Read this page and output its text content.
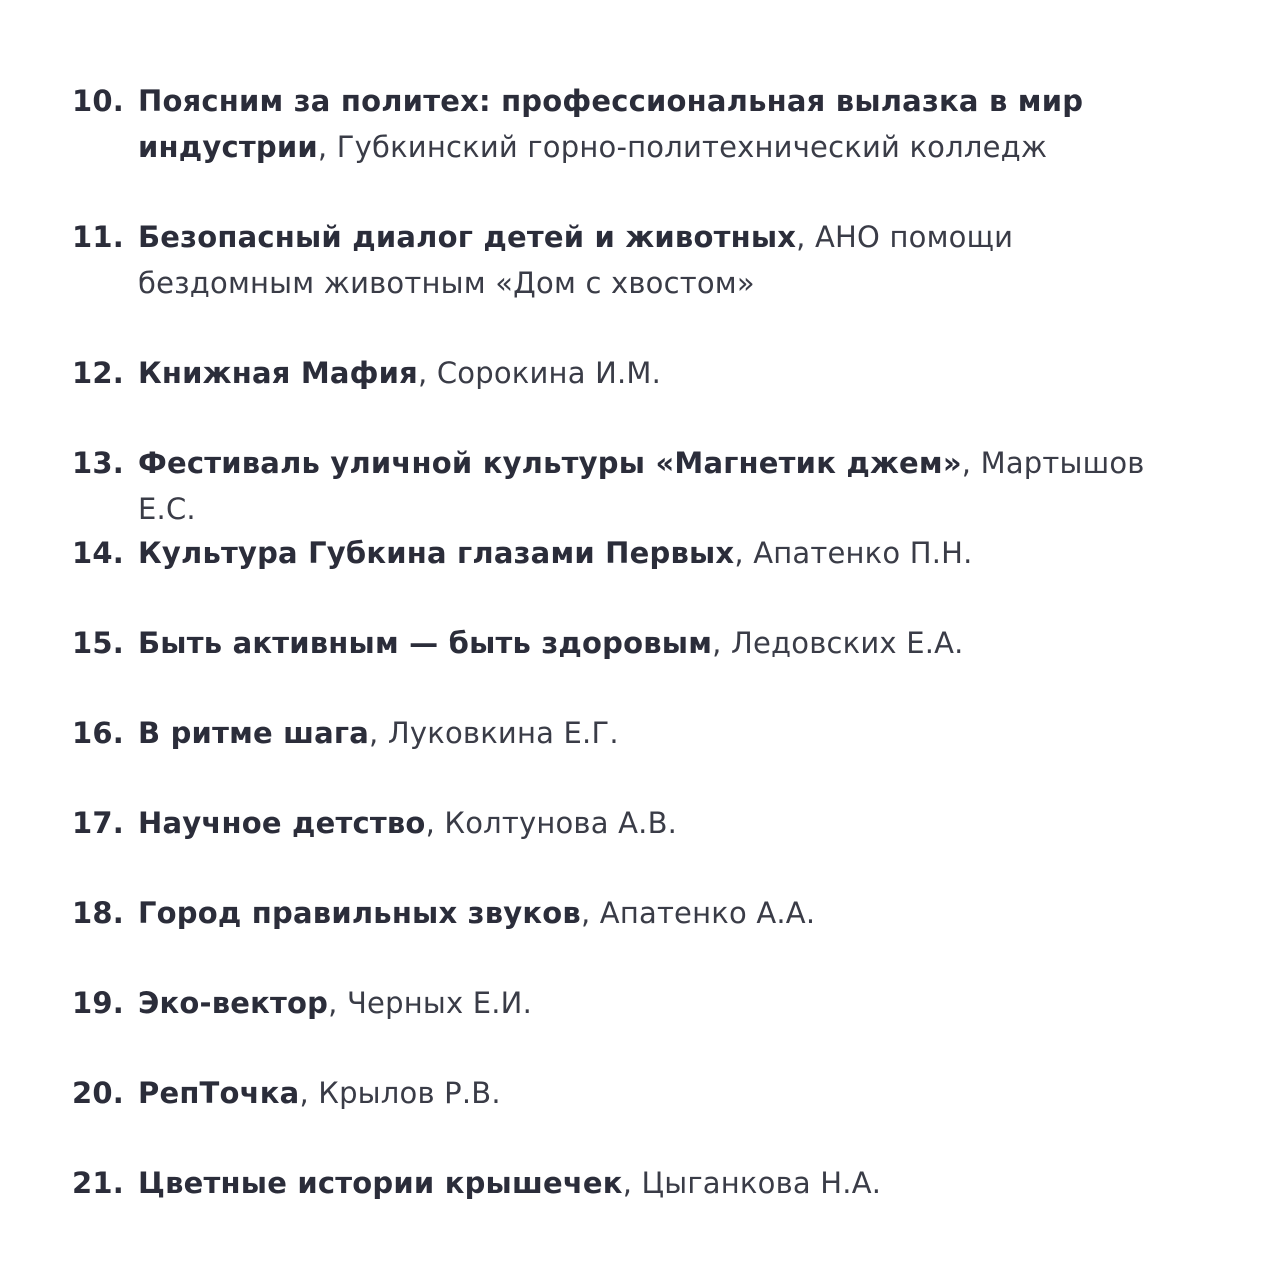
10. Поясним за политех: профессиональная вылазка в мир индустрии, Губкинский горно-политехнический колледж
11. Безопасный диалог детей и животных, АНО помощи бездомным животным «Дом с хвостом»
12. Книжная Мафия, Сорокина И.М.
13. Фестиваль уличной культуры «Магнетик джем», Мартышов Е.С.
14. Культура Губкина глазами Первых, Апатенко П.Н.
15. Быть активным — быть здоровым, Ледовских Е.А.
16. В ритме шага, Луковкина Е.Г.
17. Научное детство, Колтунова А.В.
18. Город правильных звуков, Апатенко А.А.
19. Эко-вектор, Черных Е.И.
20. РепТочка, Крылов Р.В.
21. Цветные истории крышечек, Цыганкова Н.А.
